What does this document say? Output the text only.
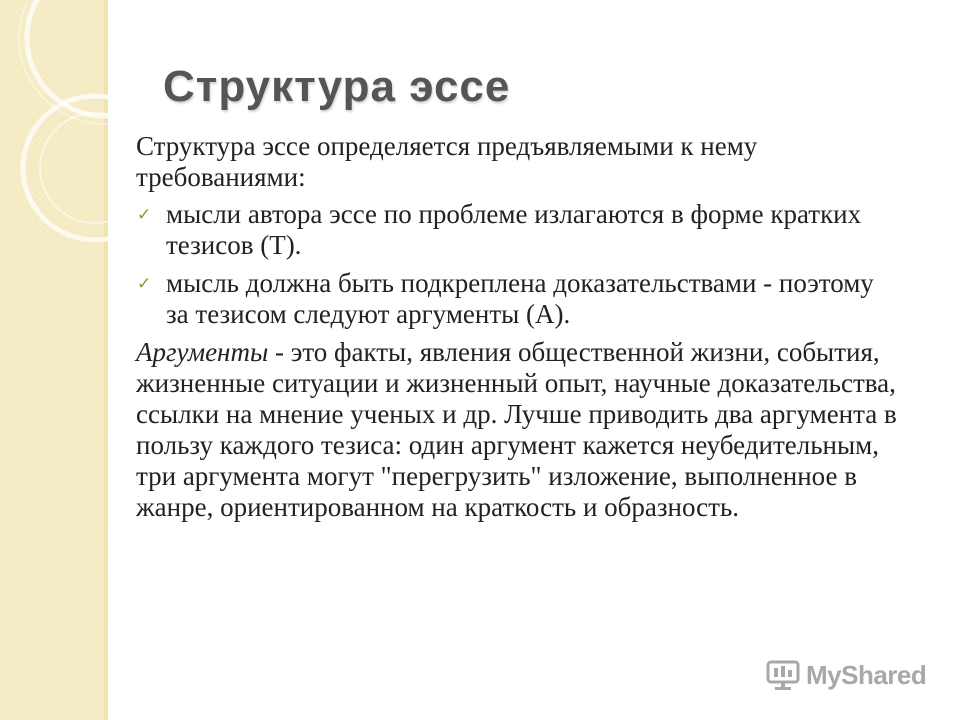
Структура эссе

Структура эссе определяется предъявляемыми к нему требованиями:

✓ мысли автора эссе по проблеме излагаются в форме кратких тезисов (Т).
✓ мысль должна быть подкреплена доказательствами - поэтому за тезисом следуют аргументы (А).

Аргументы - это факты, явления общественной жизни, события, жизненные ситуации и жизненный опыт, научные доказательства, ссылки на мнение ученых и др. Лучше приводить два аргумента в пользу каждого тезиса: один аргумент кажется неубедительным, три аргумента могут "перегрузить" изложение, выполненное в жанре, ориентированном на краткость и образность.

MyShared
